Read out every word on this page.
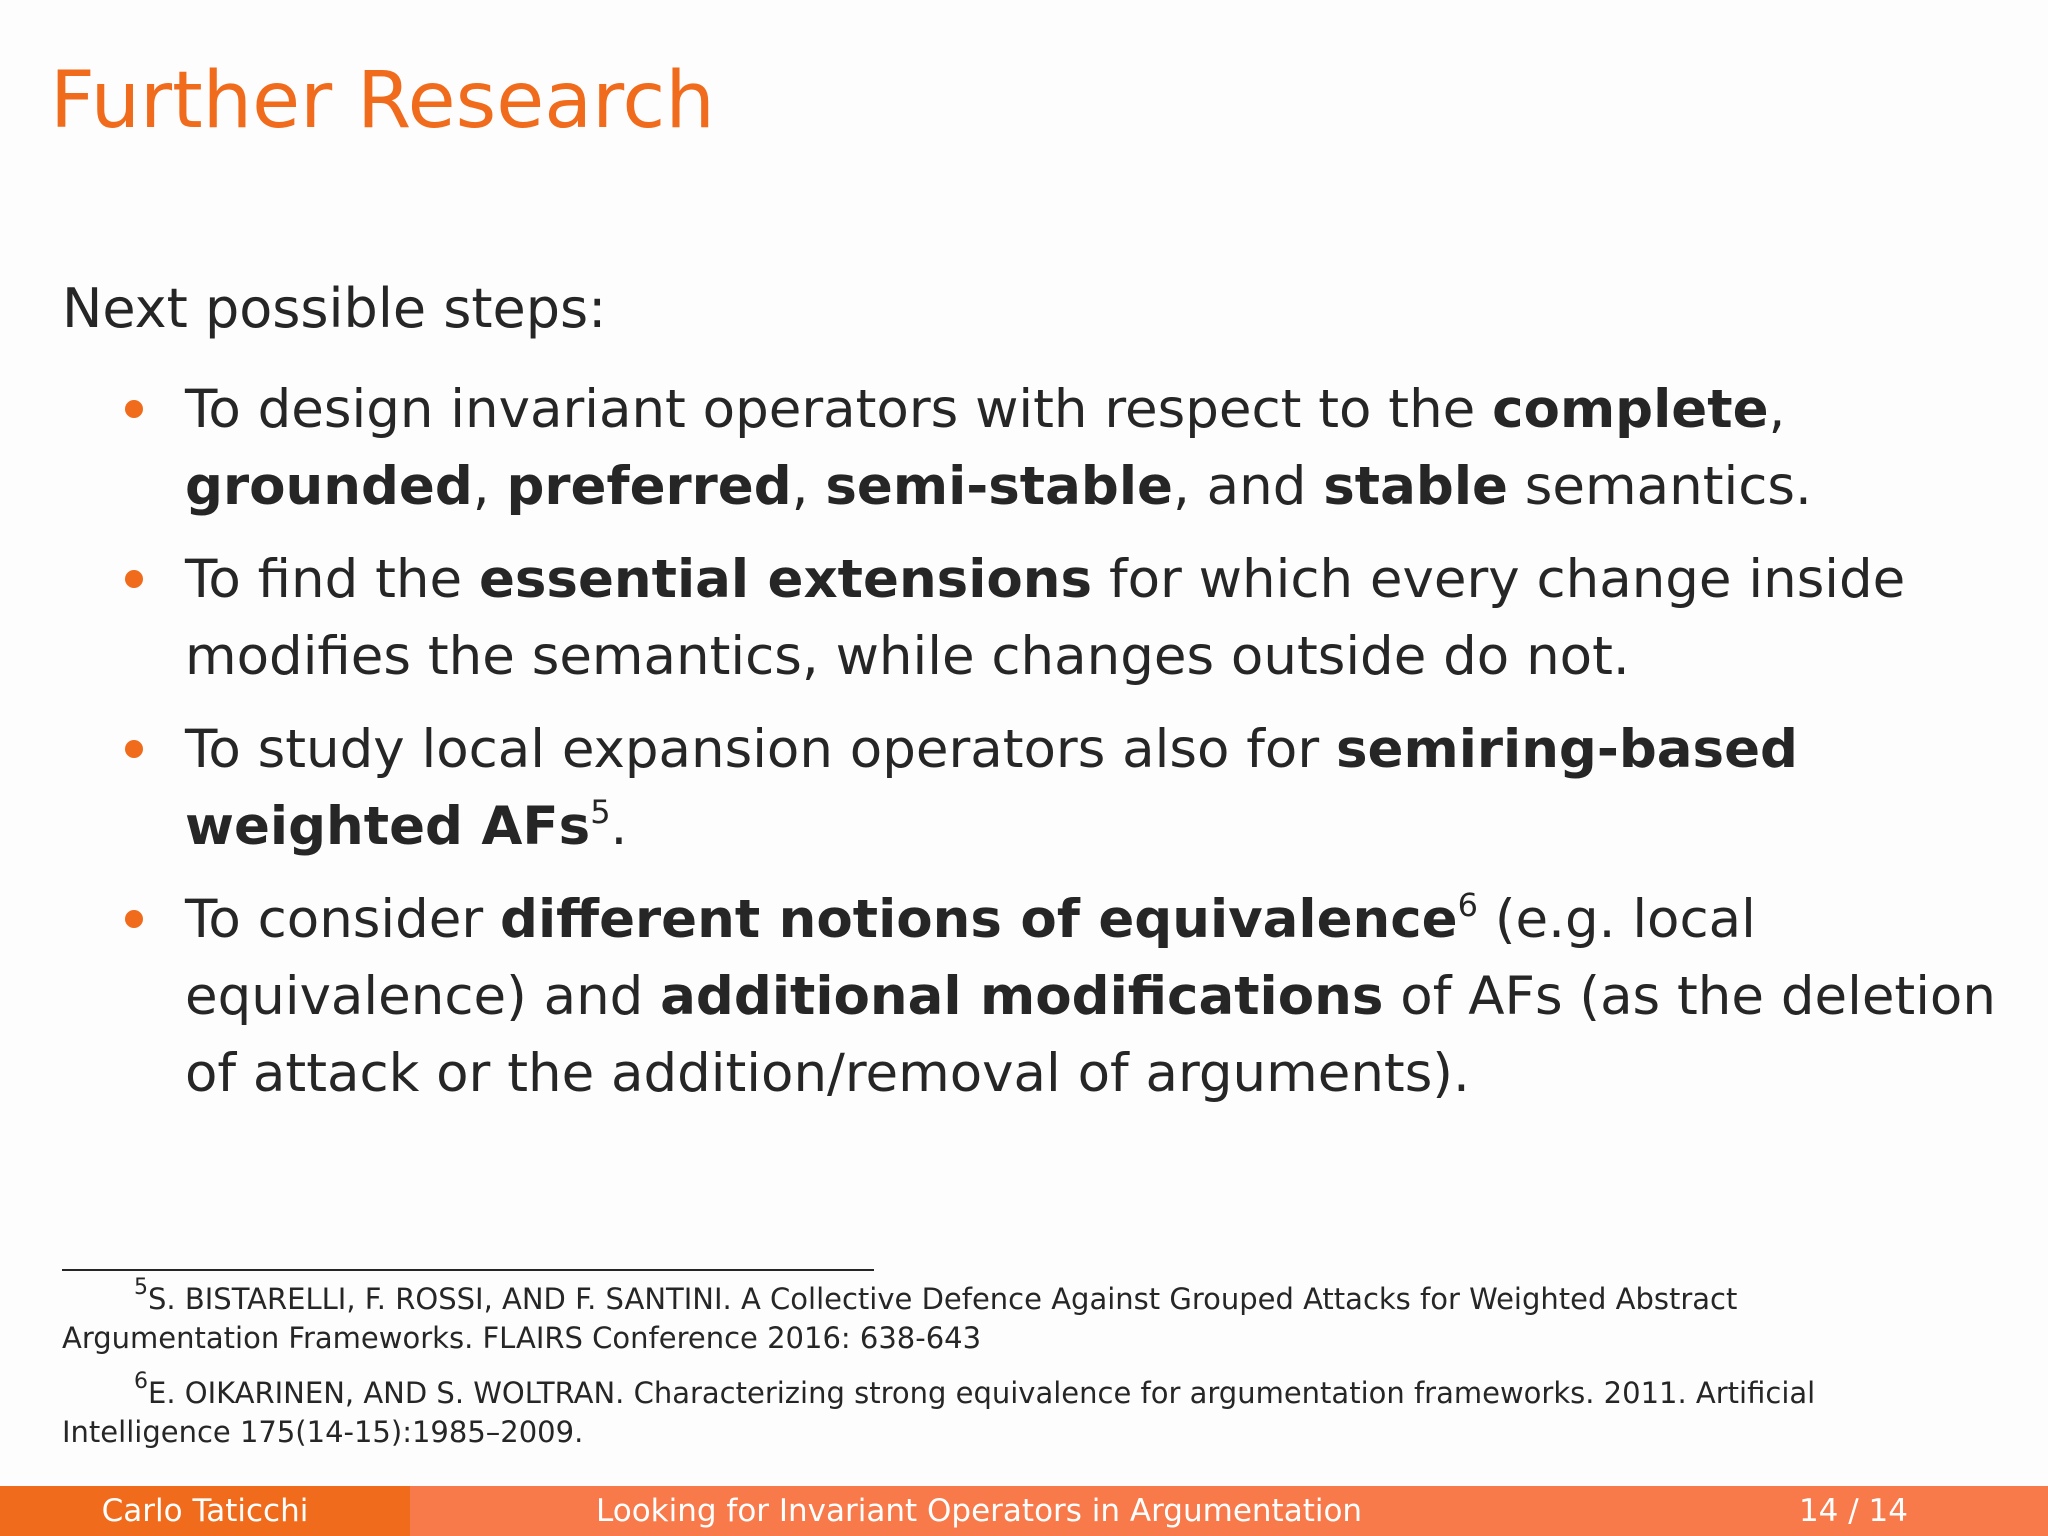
Further Research
Next possible steps:
To design invariant operators with respect to the complete, grounded, preferred, semi-stable, and stable semantics.
To find the essential extensions for which every change inside modifies the semantics, while changes outside do not.
To study local expansion operators also for semiring-based weighted AFs$^5$.
To consider different notions of equivalence$^6$ (e.g. local equivalence) and additional modifications of AFs (as the deletion of attack or the addition/removal of arguments).
$^5$S. BISTARELLI, F. ROSSI, AND F. SANTINI. A Collective Defence Against Grouped Attacks for Weighted Abstract Argumentation Frameworks. FLAIRS Conference 2016: 638-643
$^6$E. OIKARINEN, AND S. WOLTRAN. Characterizing strong equivalence for argumentation frameworks. 2011. Artificial Intelligence 175(14-15):1985–2009.
Carlo Taticchi	Looking for Invariant Operators in Argumentation	14 / 14
